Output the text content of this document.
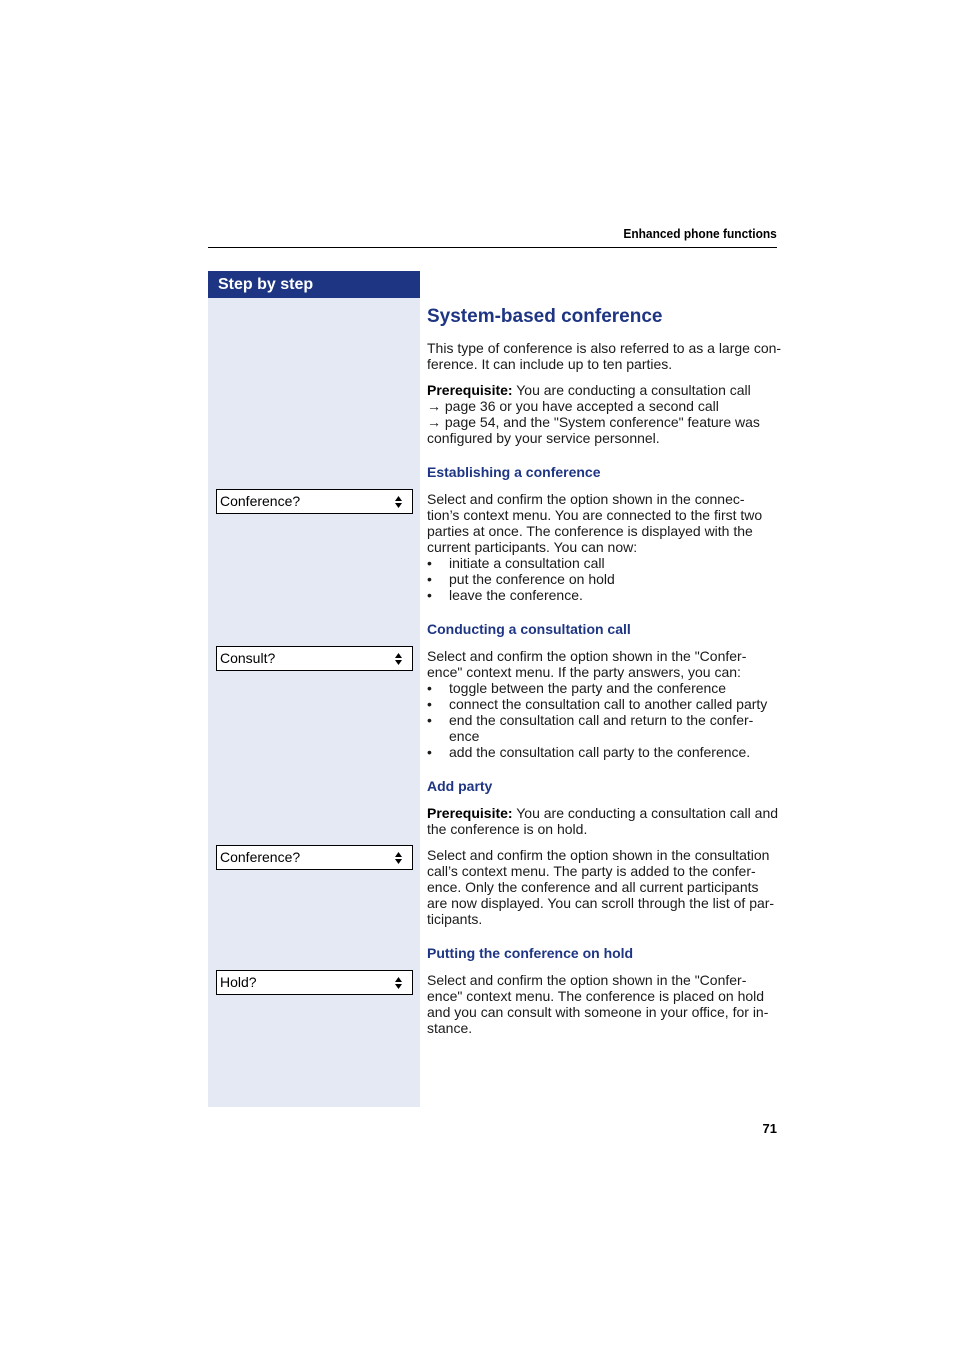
Enhanced phone functions
Step by step
Conference?
Consult?
Conference?
Hold?
System-based conference
This type of conference is also referred to as a large con-
ference. It can include up to ten parties.
Prerequisite: You are conducting a consultation call
→ page 36 or you have accepted a second call
→ page 54, and the "System conference" feature was
configured by your service personnel.
Establishing a conference
Select and confirm the option shown in the connec-
tion’s context menu. You are connected to the first two
parties at once. The conference is displayed with the
current participants. You can now:
• initiate a consultation call
• put the conference on hold
• leave the conference.
Conducting a consultation call
Select and confirm the option shown in the "Confer-
ence" context menu. If the party answers, you can:
• toggle between the party and the conference
• connect the consultation call to another called party
• end the consultation call and return to the confer-
ence
• add the consultation call party to the conference.
Add party
Prerequisite: You are conducting a consultation call and
the conference is on hold.
Select and confirm the option shown in the consultation
call’s context menu. The party is added to the confer-
ence. Only the conference and all current participants
are now displayed. You can scroll through the list of par-
ticipants.
Putting the conference on hold
Select and confirm the option shown in the "Confer-
ence" context menu. The conference is placed on hold
and you can consult with someone in your office, for in-
stance.
71
